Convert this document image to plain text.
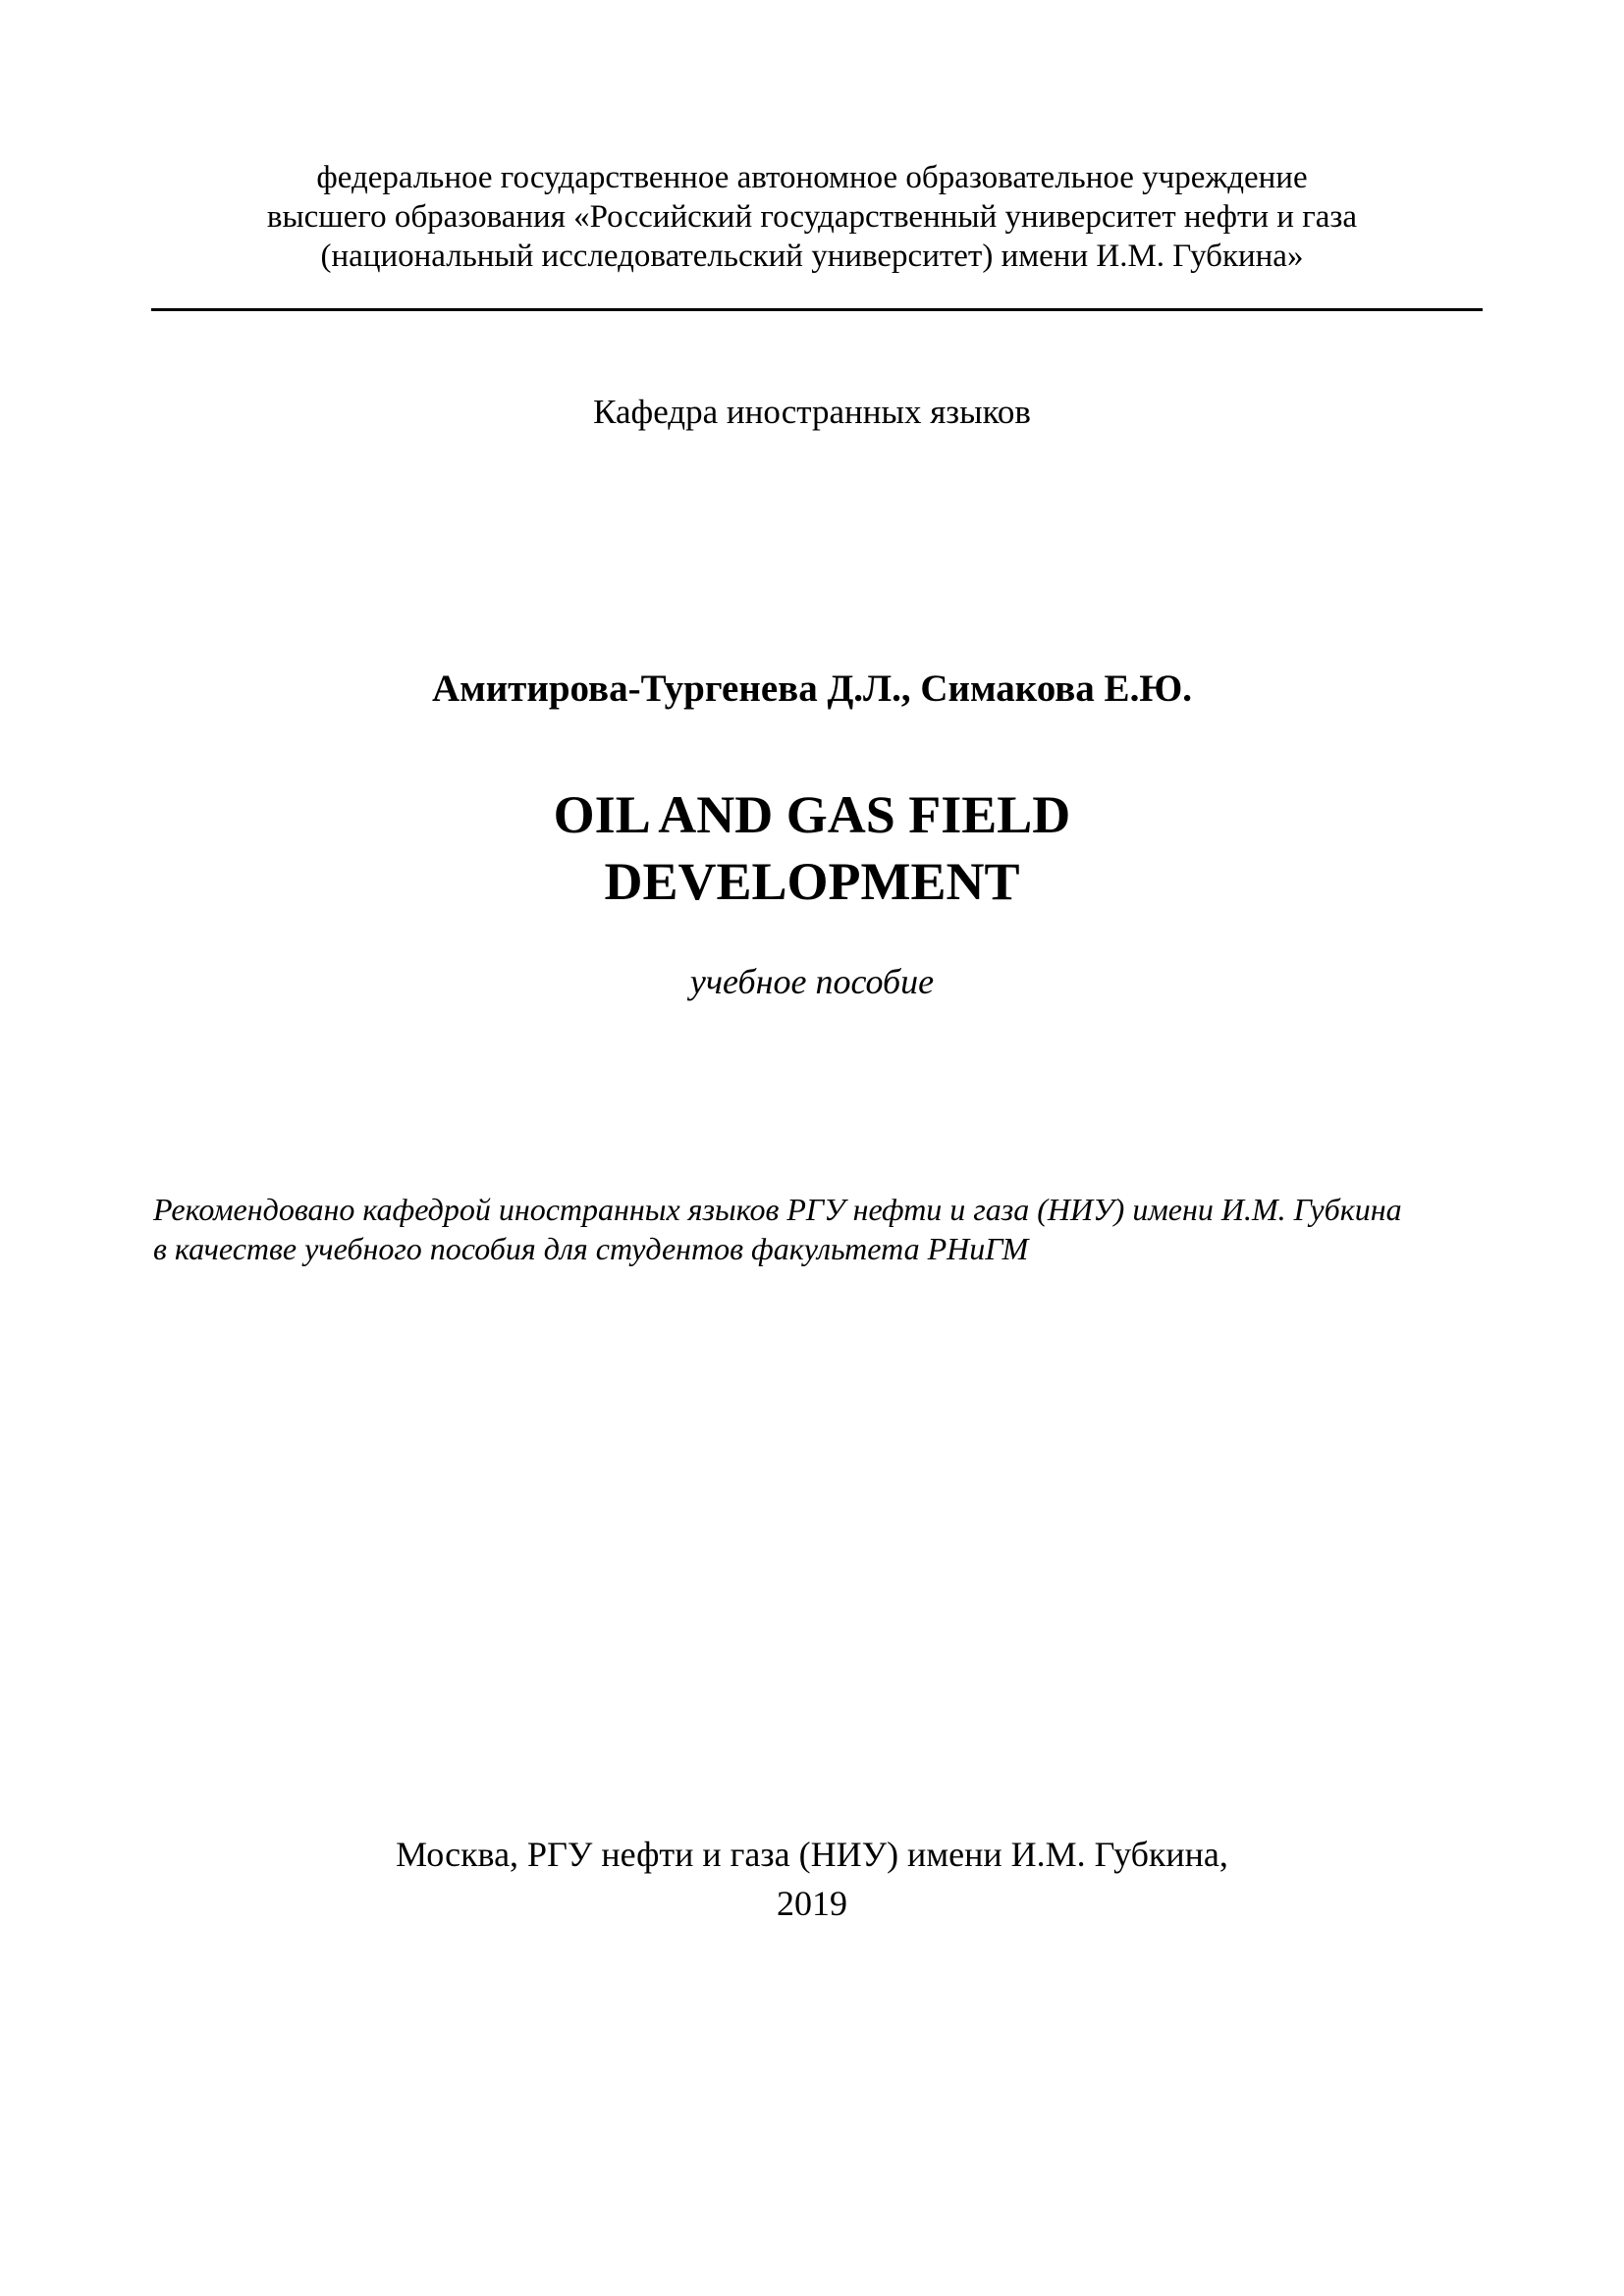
федеральное государственное автономное образовательное учреждение
высшего образования «Российский государственный университет нефти и газа
(национальный исследовательский университет) имени И.М. Губкина»
Кафедра иностранных языков
Амитирова-Тургенева Д.Л., Симакова Е.Ю.
OIL AND GAS FIELD
DEVELOPMENT
учебное пособие
Рекомендовано кафедрой иностранных языков РГУ нефти и газа (НИУ) имени И.М. Губкина
в качестве учебного пособия для студентов факультета РНиГМ
Москва, РГУ нефти и газа (НИУ) имени И.М. Губкина,
2019
